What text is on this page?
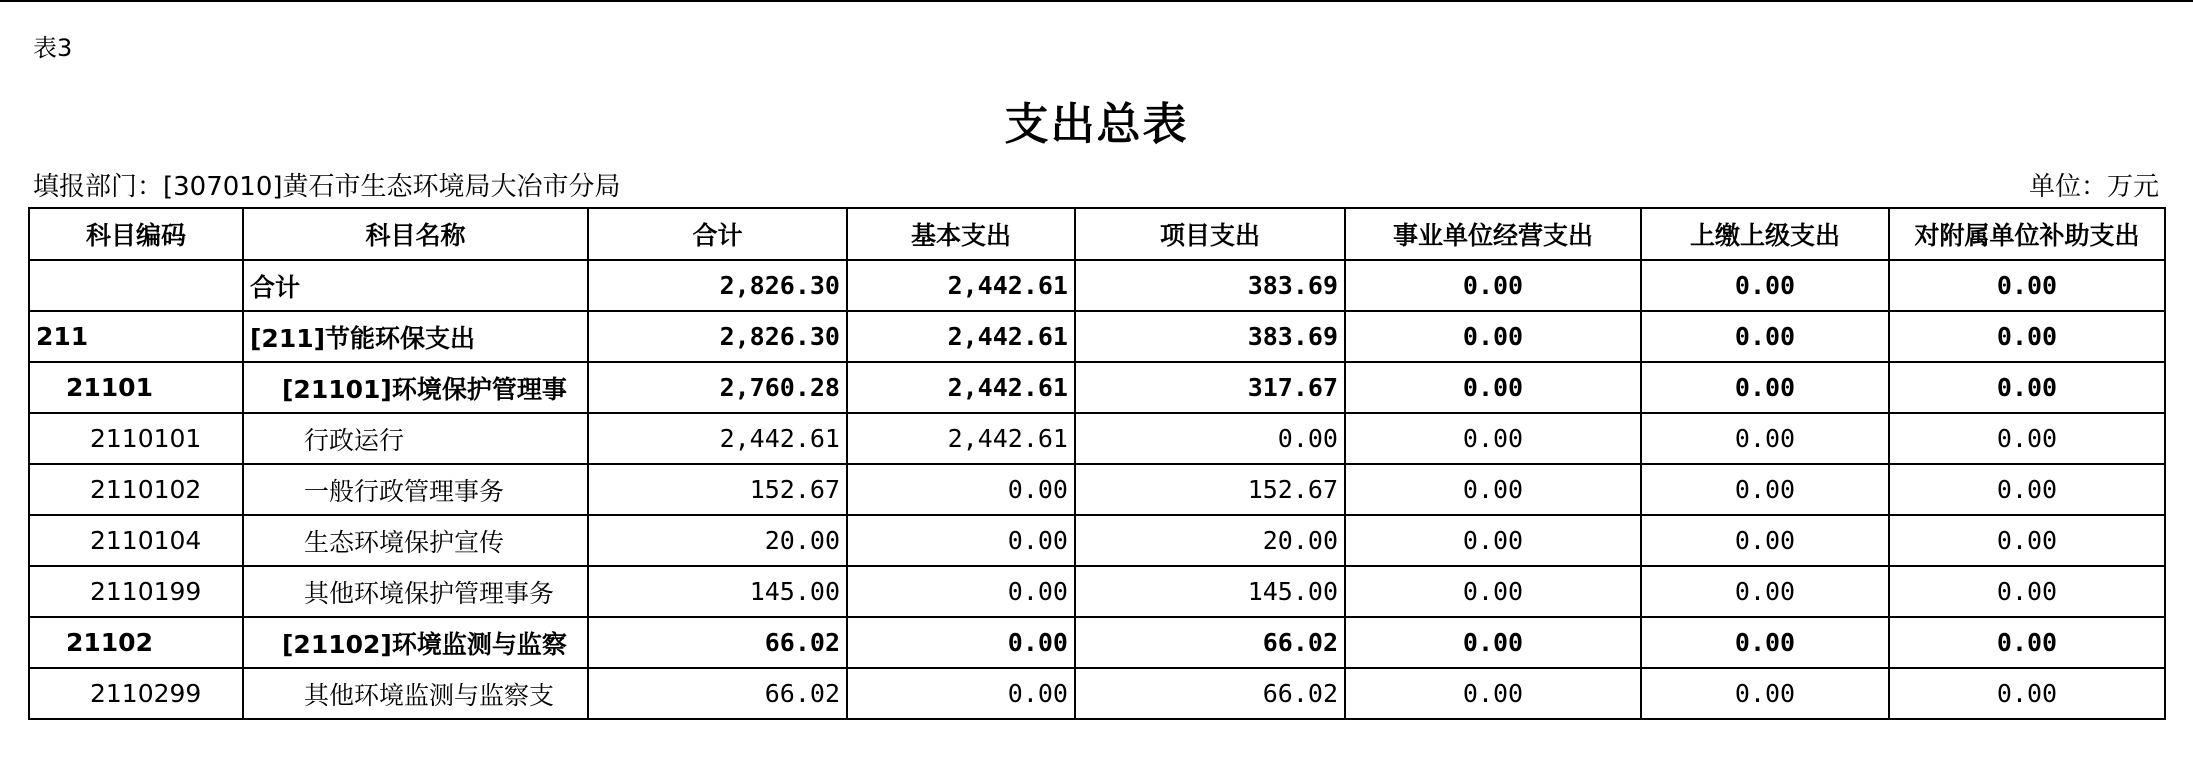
表3
支出总表
填报部门：[307010]黄石市生态环境局大冶市分局	单位：万元
科目编码	科目名称	合计	基本支出	项目支出	事业单位经营支出	上缴上级支出	对附属单位补助支出
	合计	2,826.30	2,442.61	383.69	0.00	0.00	0.00
211	[211]节能环保支出	2,826.30	2,442.61	383.69	0.00	0.00	0.00
21101	[21101]环境保护管理事	2,760.28	2,442.61	317.67	0.00	0.00	0.00
2110101	行政运行	2,442.61	2,442.61	0.00	0.00	0.00	0.00
2110102	一般行政管理事务	152.67	0.00	152.67	0.00	0.00	0.00
2110104	生态环境保护宣传	20.00	0.00	20.00	0.00	0.00	0.00
2110199	其他环境保护管理事务	145.00	0.00	145.00	0.00	0.00	0.00
21102	[21102]环境监测与监察	66.02	0.00	66.02	0.00	0.00	0.00
2110299	其他环境监测与监察支	66.02	0.00	66.02	0.00	0.00	0.00
